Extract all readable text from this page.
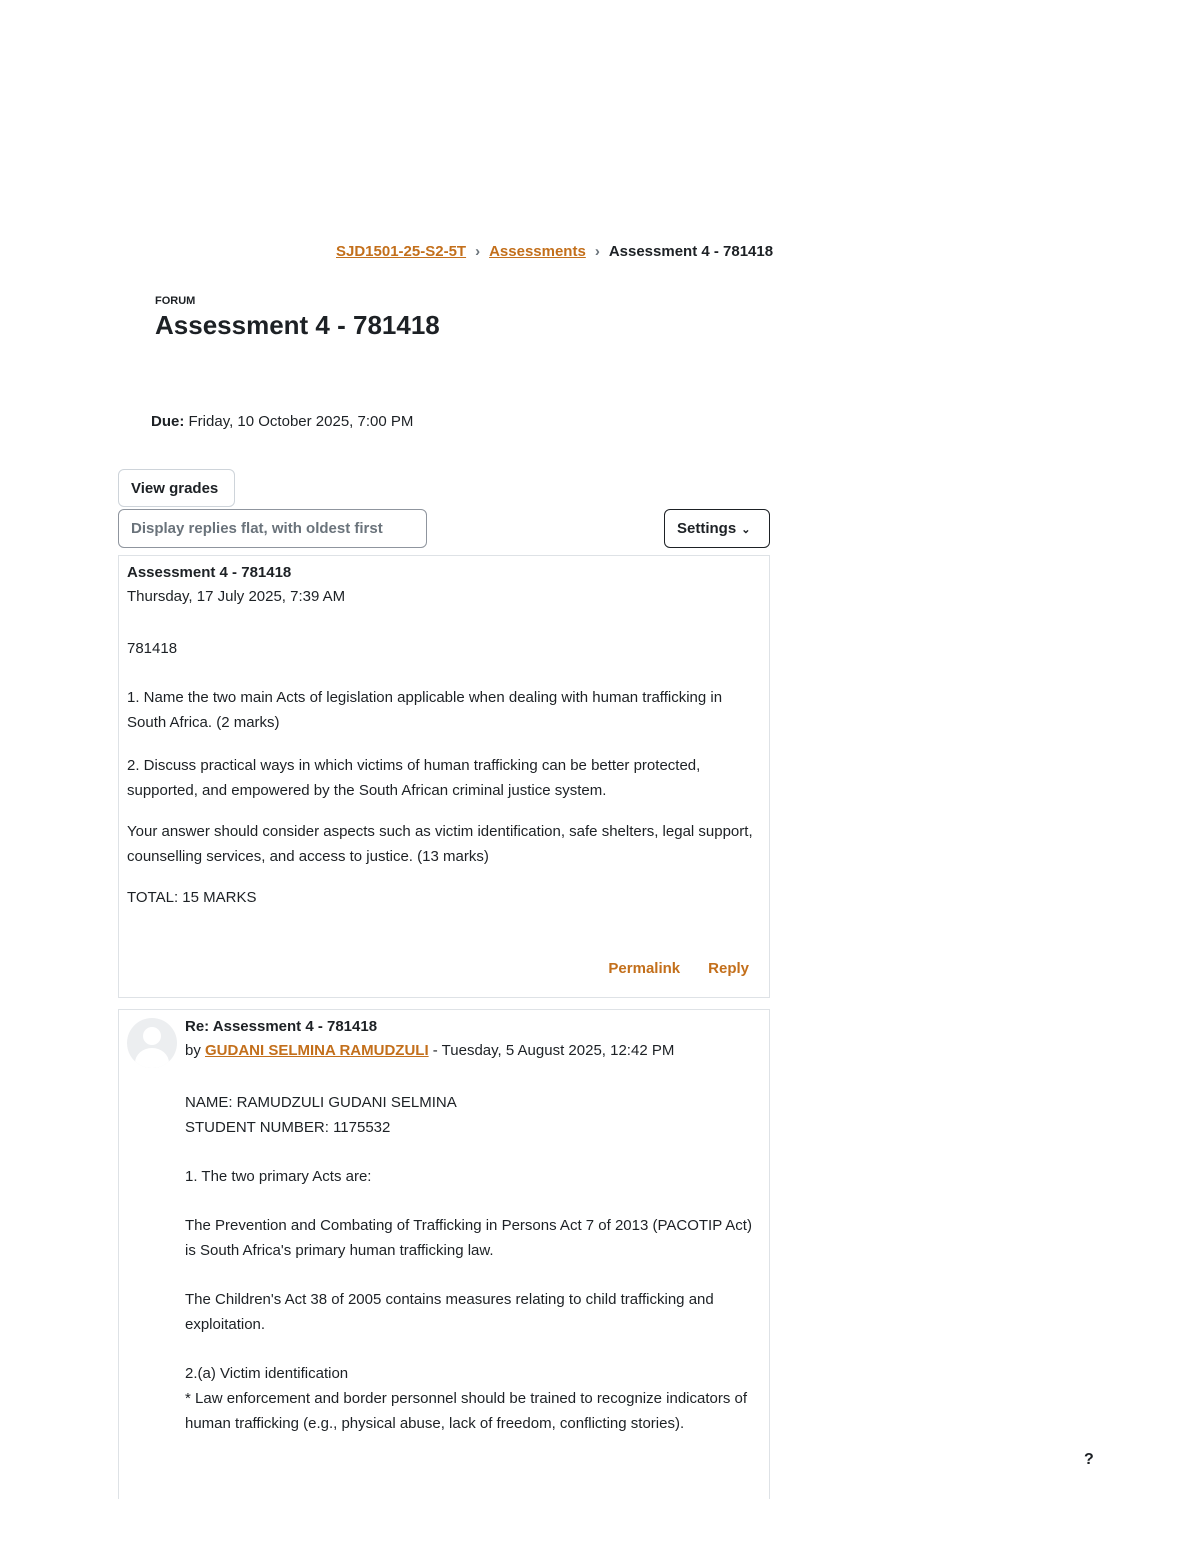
SJD1501-25-S2-5T › Assessments › Assessment 4 - 781418
FORUM
Assessment 4 - 781418
Due: Friday, 10 October 2025, 7:00 PM
View grades
Display replies flat, with oldest first	Settings ⌄
Assessment 4 - 781418
Thursday, 17 July 2025, 7:39 AM

781418

1. Name the two main Acts of legislation applicable when dealing with human trafficking in South Africa. (2 marks)

2. Discuss practical ways in which victims of human trafficking can be better protected, supported, and empowered by the South African criminal justice system.

Your answer should consider aspects such as victim identification, safe shelters, legal support, counselling services, and access to justice. (13 marks)

TOTAL: 15 MARKS

Permalink Reply
Re: Assessment 4 - 781418
by GUDANI SELMINA RAMUDZULI - Tuesday, 5 August 2025, 12:42 PM

NAME: RAMUDZULI GUDANI SELMINA

STUDENT NUMBER: 1175532

1. The two primary Acts are:

The Prevention and Combating of Trafficking in Persons Act 7 of 2013 (PACOTIP Act) is South Africa's primary human trafficking law.

The Children's Act 38 of 2005 contains measures relating to child trafficking and exploitation.

2.(a) Victim identification

* Law enforcement and border personnel should be trained to recognize indicators of human trafficking (e.g., physical abuse, lack of freedom, conflicting stories).

?
